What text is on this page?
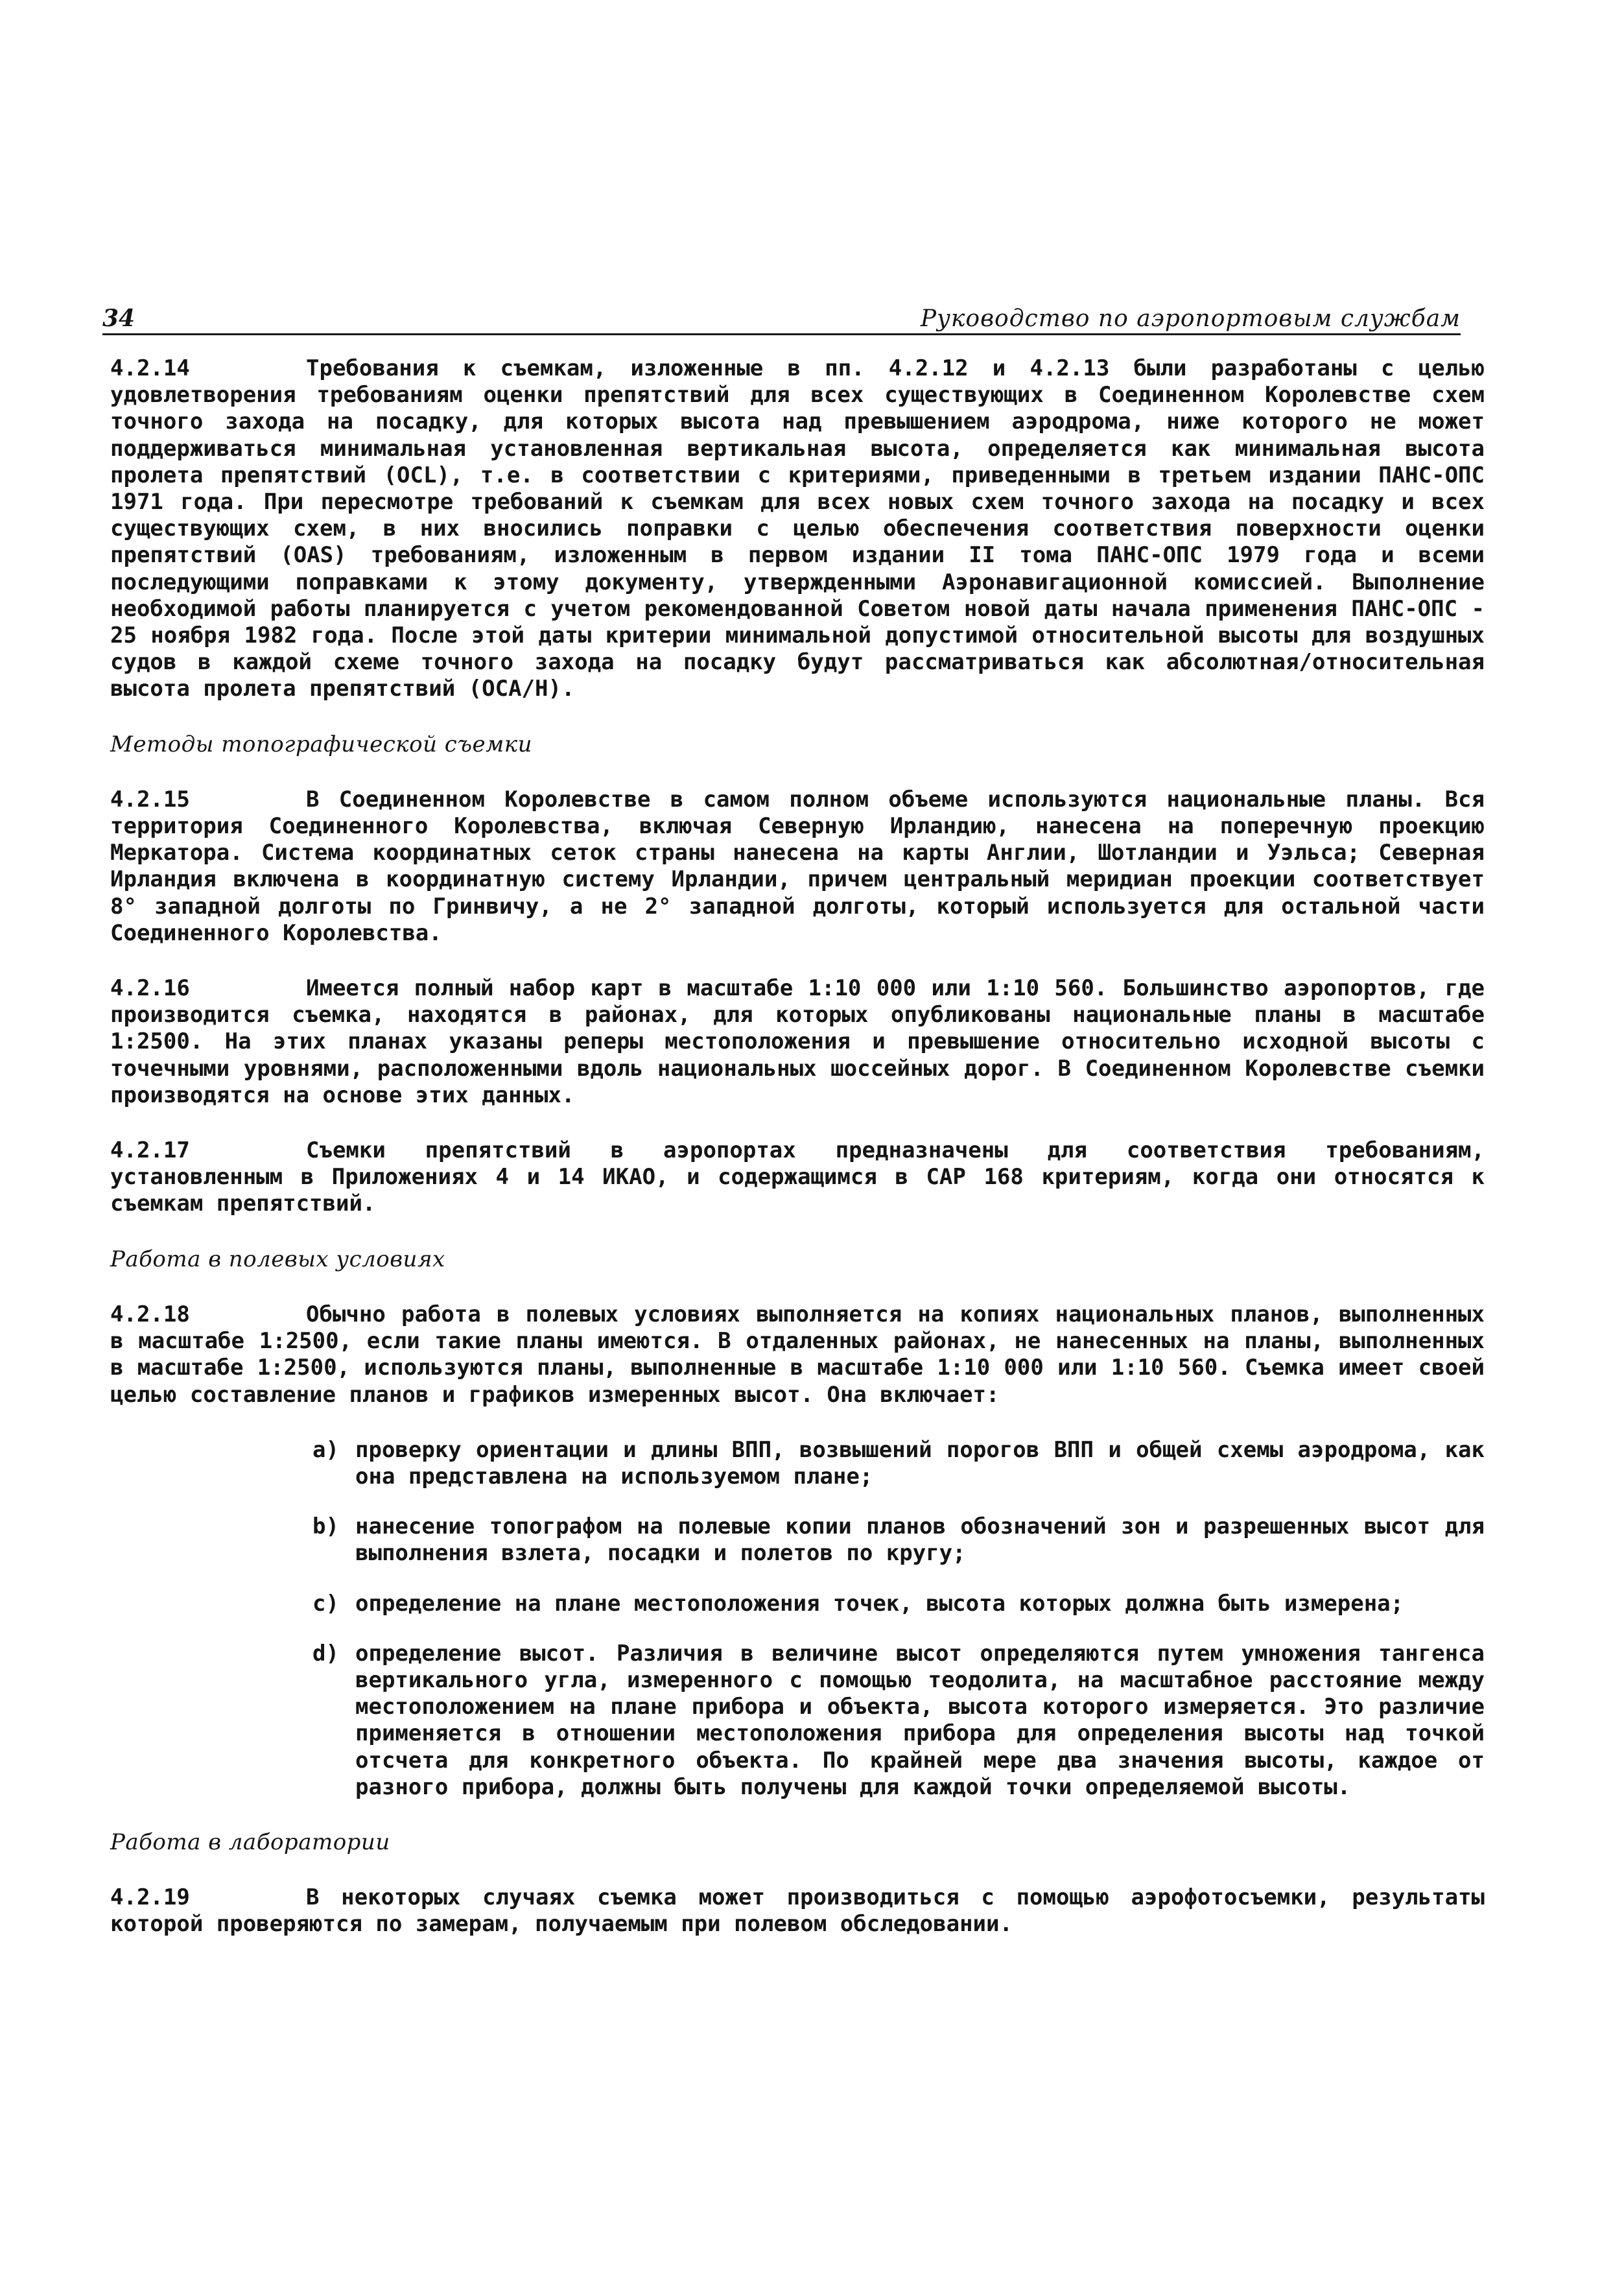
34	Руководство по аэропортовым службам

4.2.14	Требования к съемкам, изложенные в пп. 4.2.12 и 4.2.13 были разработаны с целью удовлетворения требованиям оценки препятствий для всех существующих в Соединенном Королевстве схем точного захода на посадку, для которых высота над превышением аэродрома, ниже которого не может поддерживаться минимальная установленная вертикальная высота, определяется как минимальная высота пролета препятствий (OCL), т.е. в соответствии с критериями, приведенными в третьем издании ПАНС-ОПС 1971 года. При пересмотре требований к съемкам для всех новых схем точного захода на посадку и всех существующих схем, в них вносились поправки с целью обеспечения соответствия поверхности оценки препятствий (OAS) требованиям, изложенным в первом издании II тома ПАНС-ОПС 1979 года и всеми последующими поправками к этому документу, утвержденными Аэронавигационной комиссией. Выполнение необходимой работы планируется с учетом рекомендованной Советом новой даты начала применения ПАНС-ОПС - 25 ноября 1982 года. После этой даты критерии минимальной допустимой относительной высоты для воздушных судов в каждой схеме точного захода на посадку будут рассматриваться как абсолютная/относительная высота пролета препятствий (OCA/H).

Методы топографической съемки

4.2.15	В Соединенном Королевстве в самом полном объеме используются национальные планы. Вся территория Соединенного Королевства, включая Северную Ирландию, нанесена на поперечную проекцию Меркатора. Система координатных сеток страны нанесена на карты Англии, Шотландии и Уэльса; Северная Ирландия включена в координатную систему Ирландии, причем центральный меридиан проекции соответствует 8° западной долготы по Гринвичу, а не 2° западной долготы, который используется для остальной части Соединенного Королевства.

4.2.16	Имеется полный набор карт в масштабе 1:10 000 или 1:10 560. Большинство аэропортов, где производится съемка, находятся в районах, для которых опубликованы национальные планы в масштабе 1:2500. На этих планах указаны реперы местоположения и превышение относительно исходной высоты с точечными уровнями, расположенными вдоль национальных шоссейных дорог. В Соединенном Королевстве съемки производятся на основе этих данных.

4.2.17	Съемки препятствий в аэропортах предназначены для соответствия требованиям, установленным в Приложениях 4 и 14 ИКАО, и содержащимся в CAP 168 критериям, когда они относятся к съемкам препятствий.

Работа в полевых условиях

4.2.18	Обычно работа в полевых условиях выполняется на копиях национальных планов, выполненных в масштабе 1:2500, если такие планы имеются. В отдаленных районах, не нанесенных на планы, выполненных в масштабе 1:2500, используются планы, выполненные в масштабе 1:10 000 или 1:10 560. Съемка имеет своей целью составление планов и графиков измеренных высот. Она включает:

a) проверку ориентации и длины ВПП, возвышений порогов ВПП и общей схемы аэродрома, как она представлена на используемом плане;
b) нанесение топографом на полевые копии планов обозначений зон и разрешенных высот для выполнения взлета, посадки и полетов по кругу;
c) определение на плане местоположения точек, высота которых должна быть измерена;
d) определение высот. Различия в величине высот определяются путем умножения тангенса вертикального угла, измеренного с помощью теодолита, на масштабное расстояние между местоположением на плане прибора и объекта, высота которого измеряется. Это различие применяется в отношении местоположения прибора для определения высоты над точкой отсчета для конкретного объекта. По крайней мере два значения высоты, каждое от разного прибора, должны быть получены для каждой точки определяемой высоты.
Работа в лаборатории

4.2.19	В некоторых случаях съемка может производиться с помощью аэрофотосъемки, результаты которой проверяются по замерам, получаемым при полевом обследовании.
